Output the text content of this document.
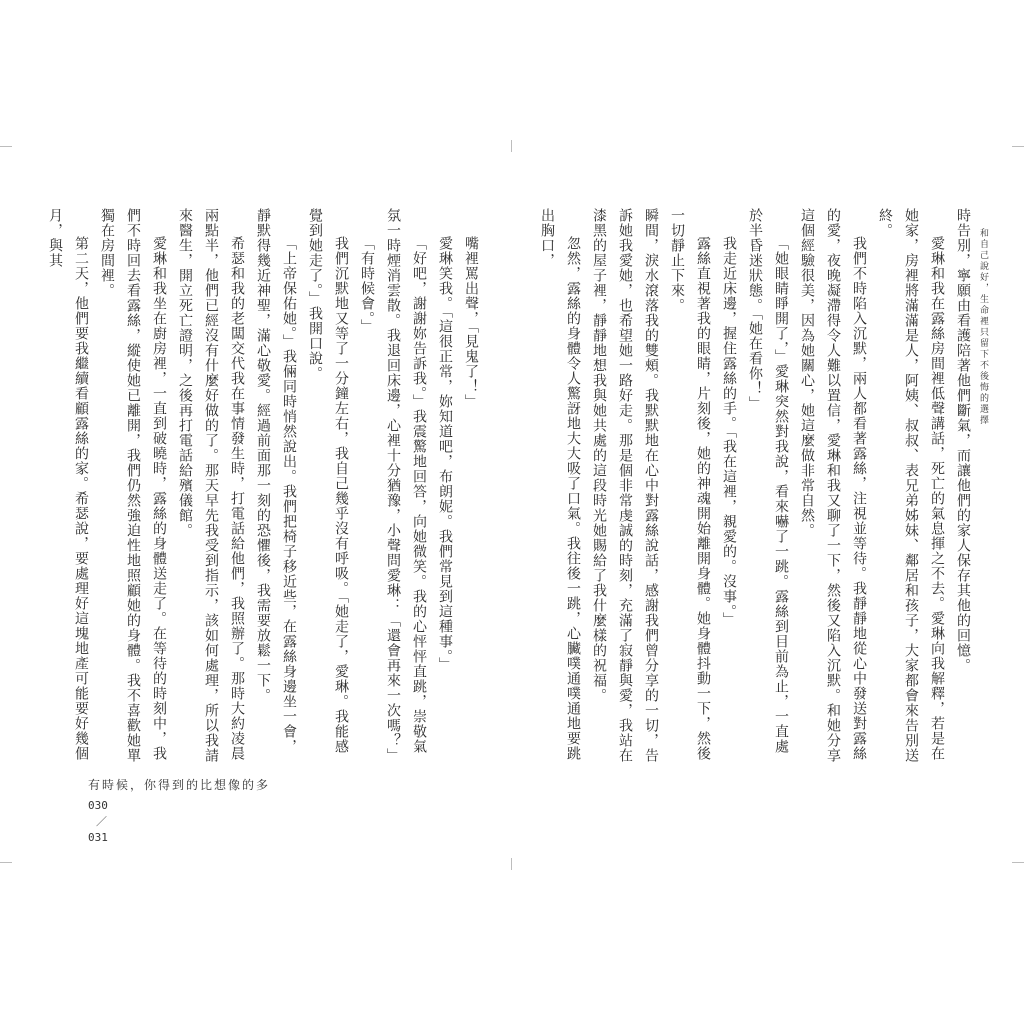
和自己說好，生命裡只留下不後悔的選擇

時告別，寧願由看護陪著他們斷氣，而讓他們的家人保存其他的回憶。

愛琳和我在露絲房間裡低聲講話，死亡的氣息揮之不去。愛琳向我解釋，若是在她家，房裡將滿滿是人，阿姨、叔叔、表兄弟姊妹、鄰居和孩子，大家都會來告別送終。

我們不時陷入沉默，兩人都看著露絲，注視並等待。我靜靜地從心中發送對露絲的愛，夜晚凝滯得令人難以置信，愛琳和我又聊了一下，然後又陷入沉默。和她分享這個經驗很美，因為她關心，她這麼做非常自然。

「她眼睛睜開了，」愛琳突然對我說，看來嚇了一跳。露絲到目前為止，一直處於半昏迷狀態。「她在看你！」

我走近床邊，握住露絲的手。「我在這裡，親愛的。沒事。」

露絲直視著我的眼睛，片刻後，她的神魂開始離開身體。她身體抖動一下，然後一切靜止下來。

瞬間，淚水滾落我的雙頰。我默默地在心中對露絲說話，感謝我們曾分享的一切，告訴她我愛她，也希望她一路好走。那是個非常虔誠的時刻，充滿了寂靜與愛，我站在漆黑的屋子裡，靜靜地想我與她共處的這段時光她賜給了我什麼樣的祝福。

忽然，露絲的身體令人驚訝地大大吸了口氣。我往後一跳，心臟噗通噗通地要跳出胸口，

嘴裡罵出聲，「見鬼了！」

愛琳笑我。「這很正常，妳知道吧，布朗妮。我們常見到這種事。」

「好吧，謝謝妳告訴我。」我震驚地回答，向她微笑。我的心怦怦直跳，崇敬氣氛一時煙消雲散。我退回床邊，心裡十分猶豫，小聲問愛琳：「還會再來一次嗎？」

「有時候會。」

我們沉默地又等了一分鐘左右，我自己幾乎沒有呼吸。「她走了，愛琳。我能感覺到她走了。」我開口說。

「上帝保佑她。」我倆同時悄然說出。我們把椅子移近些，在露絲身邊坐一會，靜默得幾近神聖，滿心敬愛。經過前面那一刻的恐懼後，我需要放鬆一下。

希瑟和我的老闆交代我在事情發生時，打電話給他們，我照辦了。那時大約凌晨兩點半，他們已經沒有什麼好做的了。那天早先我受到指示，該如何處理，所以我請來醫生，開立死亡證明，之後再打電話給殯儀館。

愛琳和我坐在廚房裡，一直到破曉時，露絲的身體送走了。在等待的時刻中，我們不時回去看露絲，縱使她已離開，我們仍然強迫性地照顧她的身體。我不喜歡她單獨在房間裡。

第二天，他們要我繼續看顧露絲的家。希瑟說，要處理好這塊地產可能要好幾個月，與其

有時候，你得到的比想像的多
030
／
031
